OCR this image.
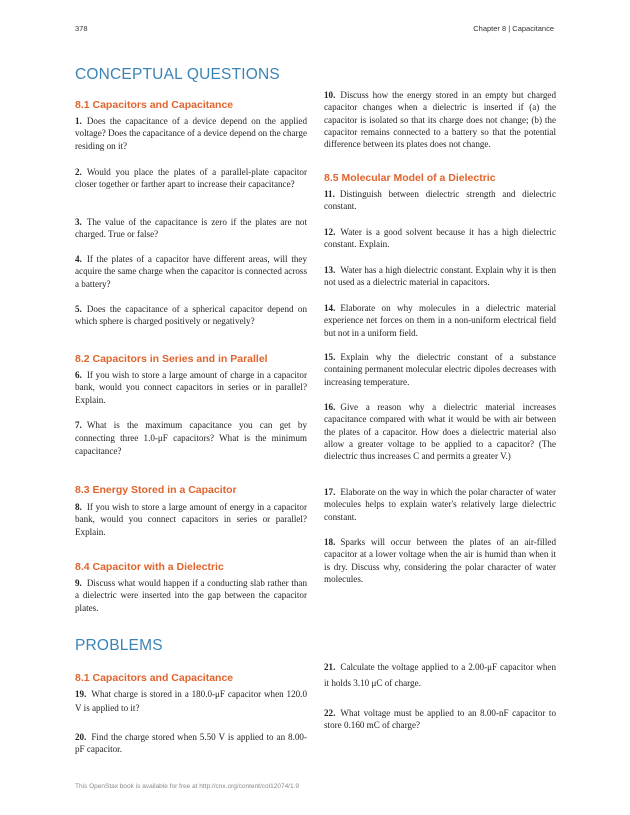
378	Chapter 8 | Capacitance
CONCEPTUAL QUESTIONS
8.1 Capacitors and Capacitance

1. Does the capacitance of a device depend on the applied voltage? Does the capacitance of a device depend on the charge residing on it?

2. Would you place the plates of a parallel-plate capacitor closer together or farther apart to increase their capacitance?

3. The value of the capacitance is zero if the plates are not charged. True or false?

4. If the plates of a capacitor have different areas, will they acquire the same charge when the capacitor is connected across a battery?

5. Does the capacitance of a spherical capacitor depend on which sphere is charged positively or negatively?

8.2 Capacitors in Series and in Parallel

6. If you wish to store a large amount of charge in a capacitor bank, would you connect capacitors in series or in parallel? Explain.

7. What is the maximum capacitance you can get by connecting three 1.0-μF capacitors? What is the minimum capacitance?

8.3 Energy Stored in a Capacitor

8. If you wish to store a large amount of energy in a capacitor bank, would you connect capacitors in series or parallel? Explain.

8.4 Capacitor with a Dielectric

9. Discuss what would happen if a conducting slab rather than a dielectric were inserted into the gap between the capacitor plates.

10. Discuss how the energy stored in an empty but charged capacitor changes when a dielectric is inserted if (a) the capacitor is isolated so that its charge does not change; (b) the capacitor remains connected to a battery so that the potential difference between its plates does not change.

8.5 Molecular Model of a Dielectric

11. Distinguish between dielectric strength and dielectric constant.

12. Water is a good solvent because it has a high dielectric constant. Explain.

13. Water has a high dielectric constant. Explain why it is then not used as a dielectric material in capacitors.

14. Elaborate on why molecules in a dielectric material experience net forces on them in a non-uniform electrical field but not in a uniform field.

15. Explain why the dielectric constant of a substance containing permanent molecular electric dipoles decreases with increasing temperature.

16. Give a reason why a dielectric material increases capacitance compared with what it would be with air between the plates of a capacitor. How does a dielectric material also allow a greater voltage to be applied to a capacitor? (The dielectric thus increases C and permits a greater V.)

17. Elaborate on the way in which the polar character of water molecules helps to explain water's relatively large dielectric constant.

18. Sparks will occur between the plates of an air-filled capacitor at a lower voltage when the air is humid than when it is dry. Discuss why, considering the polar character of water molecules.

PROBLEMS
8.1 Capacitors and Capacitance

19. What charge is stored in a 180.0-μF capacitor when 120.0 V is applied to it?

20. Find the charge stored when 5.50 V is applied to an 8.00-pF capacitor.

21. Calculate the voltage applied to a 2.00-μF capacitor when it holds 3.10 μC of charge.

22. What voltage must be applied to an 8.00-nF capacitor to store 0.160 mC of charge?

This OpenStax book is available for free at http://cnx.org/content/col12074/1.9
